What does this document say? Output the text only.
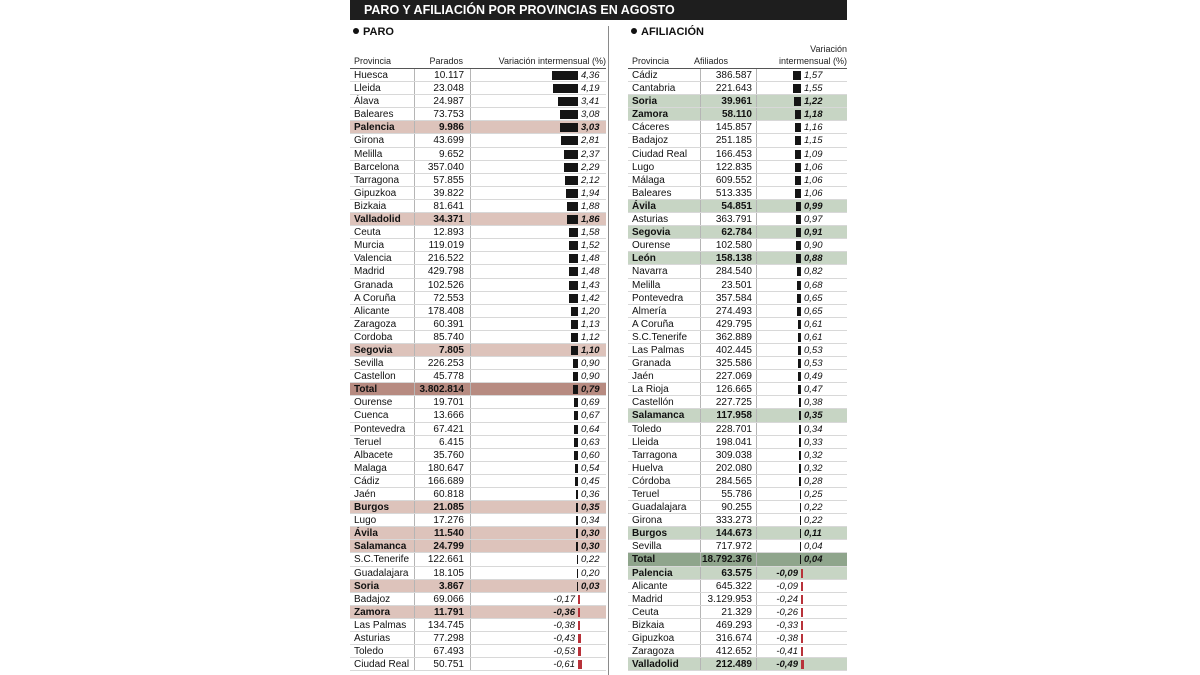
PARO Y AFILIACIÓN POR PROVINCIAS EN AGOSTO
PARO
Provincia	Parados	Variación intermensual (%)
Huesca	10.117	4,36
Lleida	23.048	4,19
Álava	24.987	3,41
Baleares	73.753	3,08
Palencia	9.986	3,03
Girona	43.699	2,81
Melilla	9.652	2,37
Barcelona	357.040	2,29
Tarragona	57.855	2,12
Gipuzkoa	39.822	1,94
Bizkaia	81.641	1,88
Valladolid	34.371	1,86
Ceuta	12.893	1,58
Murcia	119.019	1,52
Valencia	216.522	1,48
Madrid	429.798	1,48
Granada	102.526	1,43
A Coruña	72.553	1,42
Alicante	178.408	1,20
Zaragoza	60.391	1,13
Cordoba	85.740	1,12
Segovia	7.805	1,10
Sevilla	226.253	0,90
Castellon	45.778	0,90
Total	3.802.814	0,79
Ourense	19.701	0,69
Cuenca	13.666	0,67
Pontevedra	67.421	0,64
Teruel	6.415	0,63
Albacete	35.760	0,60
Malaga	180.647	0,54
Cádiz	166.689	0,45
Jaén	60.818	0,36
Burgos	21.085	0,35
Lugo	17.276	0,34
Ávila	11.540	0,30
Salamanca	24.799	0,30
S.C.Tenerife	122.661	0,22
Guadalajara	18.105	0,20
Soria	3.867	0,03
Badajoz	69.066	-0,17
Zamora	11.791	-0,36
Las Palmas	134.745	-0,38
Asturias	77.298	-0,43
Toledo	67.493	-0,53
Ciudad Real	50.751	-0,61
AFILIACIÓN
Provincia	Afiliados
Variación
intermensual (%)
Cádiz	386.587	1,57
Cantabria	221.643	1,55
Soria	39.961	1,22
Zamora	58.110	1,18
Cáceres	145.857	1,16
Badajoz	251.185	1,15
Ciudad Real	166.453	1,09
Lugo	122.835	1,06
Málaga	609.552	1,06
Baleares	513.335	1,06
Ávila	54.851	0,99
Asturias	363.791	0,97
Segovia	62.784	0,91
Ourense	102.580	0,90
León	158.138	0,88
Navarra	284.540	0,82
Melilla	23.501	0,68
Pontevedra	357.584	0,65
Almería	274.493	0,65
A Coruña	429.795	0,61
S.C.Tenerife	362.889	0,61
Las Palmas	402.445	0,53
Granada	325.586	0,53
Jaén	227.069	0,49
La Rioja	126.665	0,47
Castellón	227.725	0,38
Salamanca	117.958	0,35
Toledo	228.701	0,34
Lleida	198.041	0,33
Tarragona	309.038	0,32
Huelva	202.080	0,32
Córdoba	284.565	0,28
Teruel	55.786	0,25
Guadalajara	90.255	0,22
Girona	333.273	0,22
Burgos	144.673	0,11
Sevilla	717.972	0,04
Total	18.792.376	0,04
Palencia	63.575	-0,09
Alicante	645.322	-0,09
Madrid	3.129.953	-0,24
Ceuta	21.329	-0,26
Bizkaia	469.293	-0,33
Gipuzkoa	316.674	-0,38
Zaragoza	412.652	-0,41
Valladolid	212.489	-0,49
